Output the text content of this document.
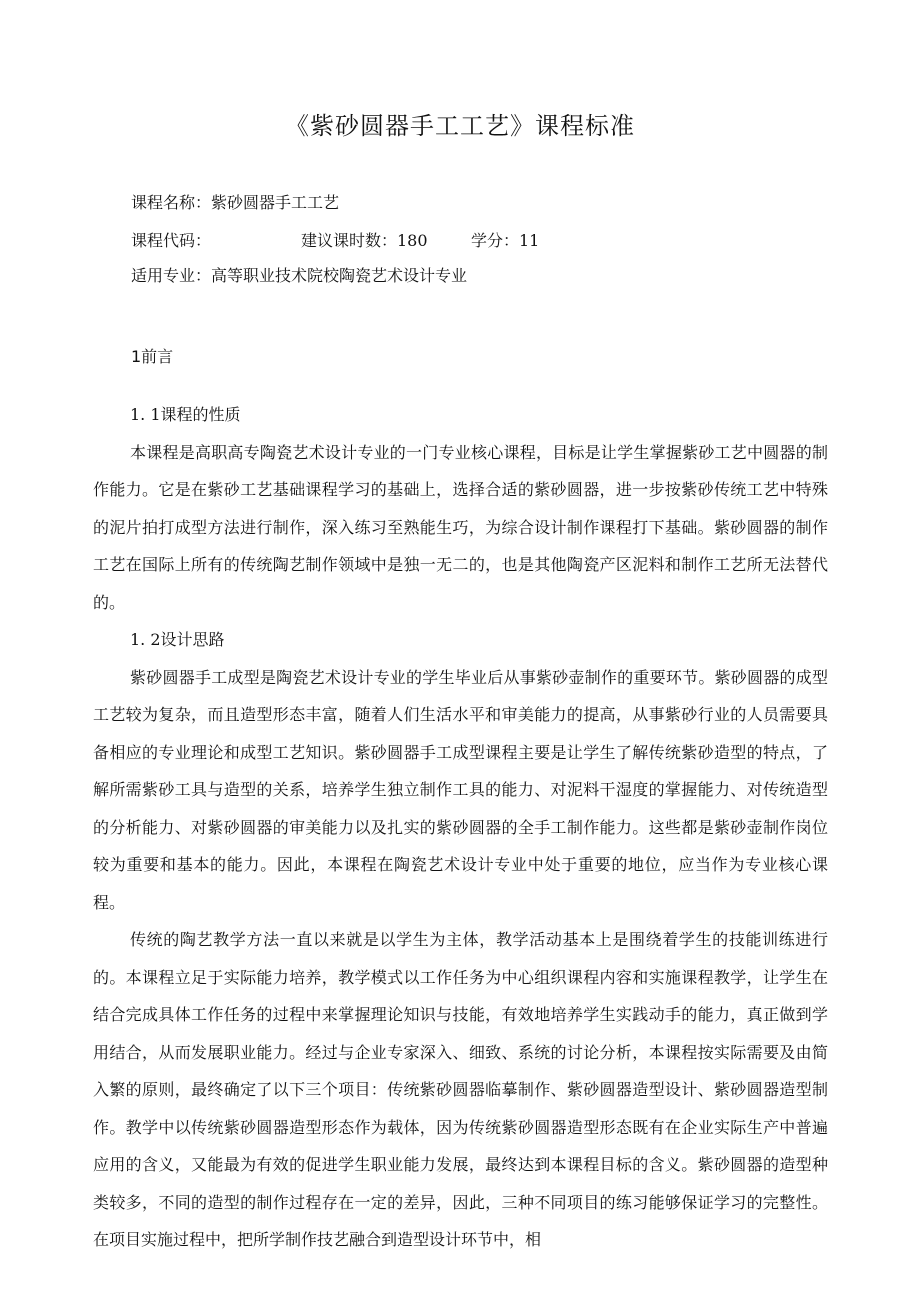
《紫砂圆器手工工艺》课程标准
课程名称：紫砂圆器手工工艺
课程代码：	建议课时数：180	学分：11
适用专业：高等职业技术院校陶瓷艺术设计专业
1前言

1. 1课程的性质

本课程是高职高专陶瓷艺术设计专业的一门专业核心课程，目标是让学生掌握紫砂工艺中圆器的制作能力。它是在紫砂工艺基础课程学习的基础上，选择合适的紫砂圆器，进一步按紫砂传统工艺中特殊的泥片拍打成型方法进行制作，深入练习至熟能生巧，为综合设计制作课程打下基础。紫砂圆器的制作工艺在国际上所有的传统陶艺制作领域中是独一无二的，也是其他陶瓷产区泥料和制作工艺所无法替代的。

1. 2设计思路

紫砂圆器手工成型是陶瓷艺术设计专业的学生毕业后从事紫砂壶制作的重要环节。紫砂圆器的成型工艺较为复杂，而且造型形态丰富，随着人们生活水平和审美能力的提高，从事紫砂行业的人员需要具备相应的专业理论和成型工艺知识。紫砂圆器手工成型课程主要是让学生了解传统紫砂造型的特点，了解所需紫砂工具与造型的关系，培养学生独立制作工具的能力、对泥料干湿度的掌握能力、对传统造型的分析能力、对紫砂圆器的审美能力以及扎实的紫砂圆器的全手工制作能力。这些都是紫砂壶制作岗位较为重要和基本的能力。因此，本课程在陶瓷艺术设计专业中处于重要的地位，应当作为专业核心课程。

传统的陶艺教学方法一直以来就是以学生为主体，教学活动基本上是围绕着学生的技能训练进行的。本课程立足于实际能力培养，教学模式以工作任务为中心组织课程内容和实施课程教学，让学生在结合完成具体工作任务的过程中来掌握理论知识与技能，有效地培养学生实践动手的能力，真正做到学用结合，从而发展职业能力。经过与企业专家深入、细致、系统的讨论分析，本课程按实际需要及由简入繁的原则，最终确定了以下三个项目：传统紫砂圆器临摹制作、紫砂圆器造型设计、紫砂圆器造型制作。教学中以传统紫砂圆器造型形态作为载体，因为传统紫砂圆器造型形态既有在企业实际生产中普遍应用的含义，又能最为有效的促进学生职业能力发展，最终达到本课程目标的含义。紫砂圆器的造型种类较多，不同的造型的制作过程存在一定的差异，因此，三种不同项目的练习能够保证学习的完整性。在项目实施过程中，把所学制作技艺融合到造型设计环节中，相
